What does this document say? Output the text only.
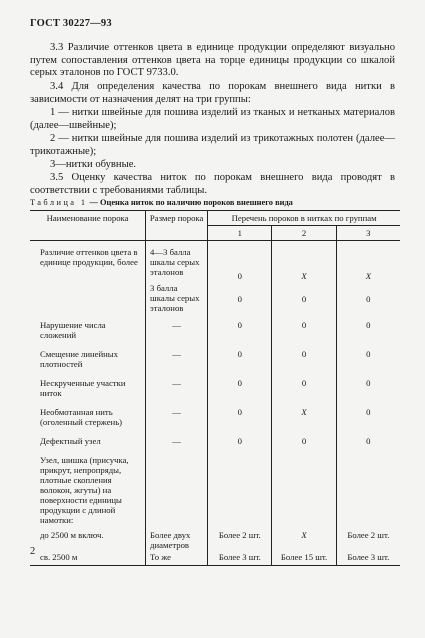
ГОСТ 30227—93

3.3 Различие оттенков цвета в единице продукции определяют визуально путем сопоставления оттенков цвета на торце единицы продукции со шкалой серых эталонов по ГОСТ 9733.0.

3.4 Для определения качества по порокам внешнего вида нитки в зависимости от назначения делят на три группы:

1 — нитки швейные для пошива изделий из тканых и нетканых материалов (далее—швейные);

2 — нитки швейные для пошива изделий из трикотажных полотен (далее—трикотажные);

3—нитки обувные.

3.5 Оценку качества ниток по порокам внешнего вида проводят в соответствии с требованиями таблицы.

Таблица 1 — Оценка ниток по наличию пороков внешнего вида
Наименование порока	Размер порока	Перечень пороков в нитках по группам		
		1	2	3

Различие оттенков цвета в единице продукции, более	4—3 балла шкалы серых эталонов	0	X	X
	3 балла шкалы серых эталонов	0	0	0

Нарушение числа сложений	—	0	0	0
Смещение линейных плотностей	—	0	0	0
Нескрученные участки ниток	—	0	0	0
Необмотанная нить (оголенный стержень)	—	0	X	0
Дефектный узел	—	0	0	0
Узел, шишка (присучка, прикрут, непропряды, плотные скопления волокон, жгуты) на поверхности единицы продукции с длиной намотки:				
до 2500 м включ.	Более двух диаметров	Более 2 шт.	X	Более 2 шт.
св. 2500 м	То же	Более 3 шт.	Более 15 шт.	Более 3 шт.
2
